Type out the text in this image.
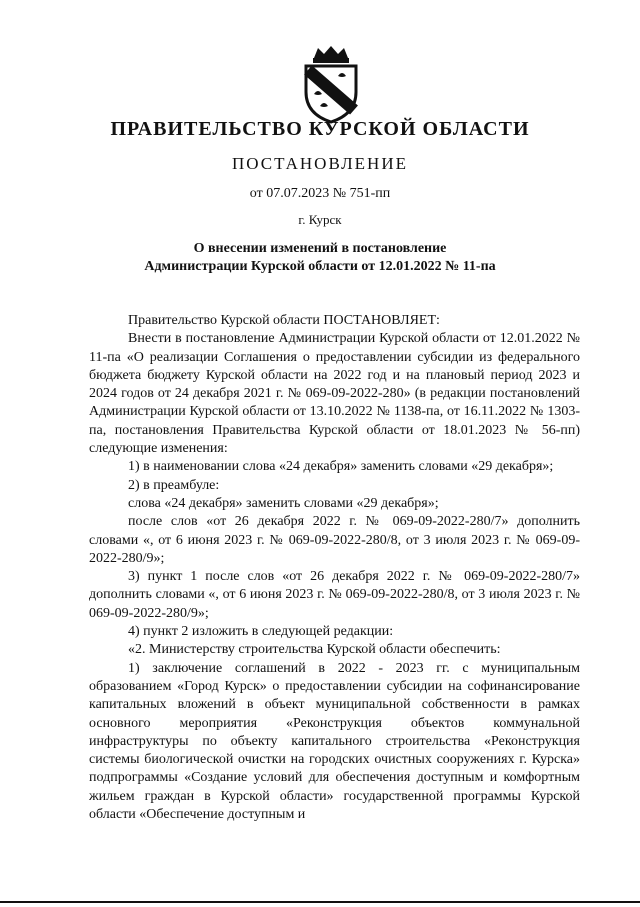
ПРАВИТЕЛЬСТВО КУРСКОЙ ОБЛАСТИ
ПОСТАНОВЛЕНИЕ
от 07.07.2023 № 751-пп
г. Курск
О внесении изменений в постановление
Администрации Курской области от 12.01.2022 № 11-па

Правительство Курской области ПОСТАНОВЛЯЕТ:

Внести в постановление Администрации Курской области от 12.01.2022 № 11-па «О реализации Соглашения о предоставлении субсидии из федерального бюджета бюджету Курской области на 2022 год и на плановый период 2023 и 2024 годов от 24 декабря 2021 г. № 069-09-2022-280» (в редакции постановлений Администрации Курской области от 13.10.2022 № 1138-па, от 16.11.2022 № 1303-па, постановления Правительства Курской области от 18.01.2023 № 56-пп) следующие изменения:

1) в наименовании слова «24 декабря» заменить словами «29 декабря»;

2) в преамбуле:

слова «24 декабря» заменить словами «29 декабря»;

после слов «от 26 декабря 2022 г. № 069-09-2022-280/7» дополнить словами «, от 6 июня 2023 г. № 069-09-2022-280/8, от 3 июля 2023 г. № 069-09-2022-280/9»;

3) пункт 1 после слов «от 26 декабря 2022 г. № 069-09-2022-280/7» дополнить словами «, от 6 июня 2023 г. № 069-09-2022-280/8, от 3 июля 2023 г. № 069-09-2022-280/9»;

4) пункт 2 изложить в следующей редакции:

«2. Министерству строительства Курской области обеспечить:

1) заключение соглашений в 2022 - 2023 гг. с муниципальным образованием «Город Курск» о предоставлении субсидии на софинансирование капитальных вложений в объект муниципальной собственности в рамках основного мероприятия «Реконструкция объектов коммунальной инфраструктуры по объекту капитального строительства «Реконструкция системы биологической очистки на городских очистных сооружениях г. Курска» подпрограммы «Создание условий для обеспечения доступным и комфортным жильем граждан в Курской области» государственной программы Курской области «Обеспечение доступным и
